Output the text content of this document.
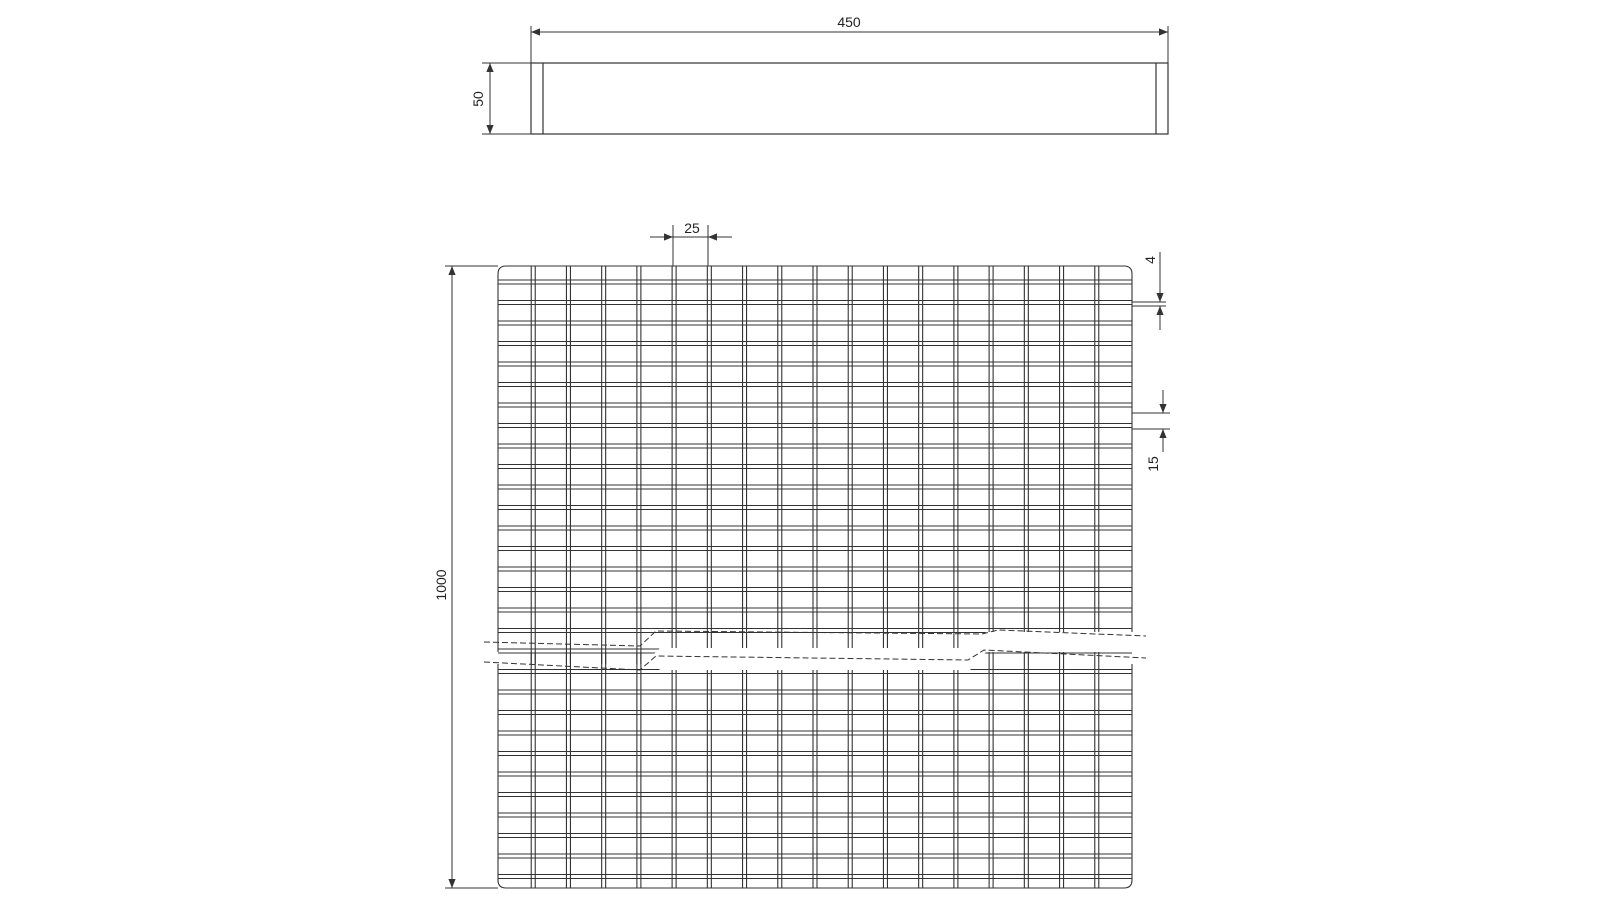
450
50
25
4
15
1000
